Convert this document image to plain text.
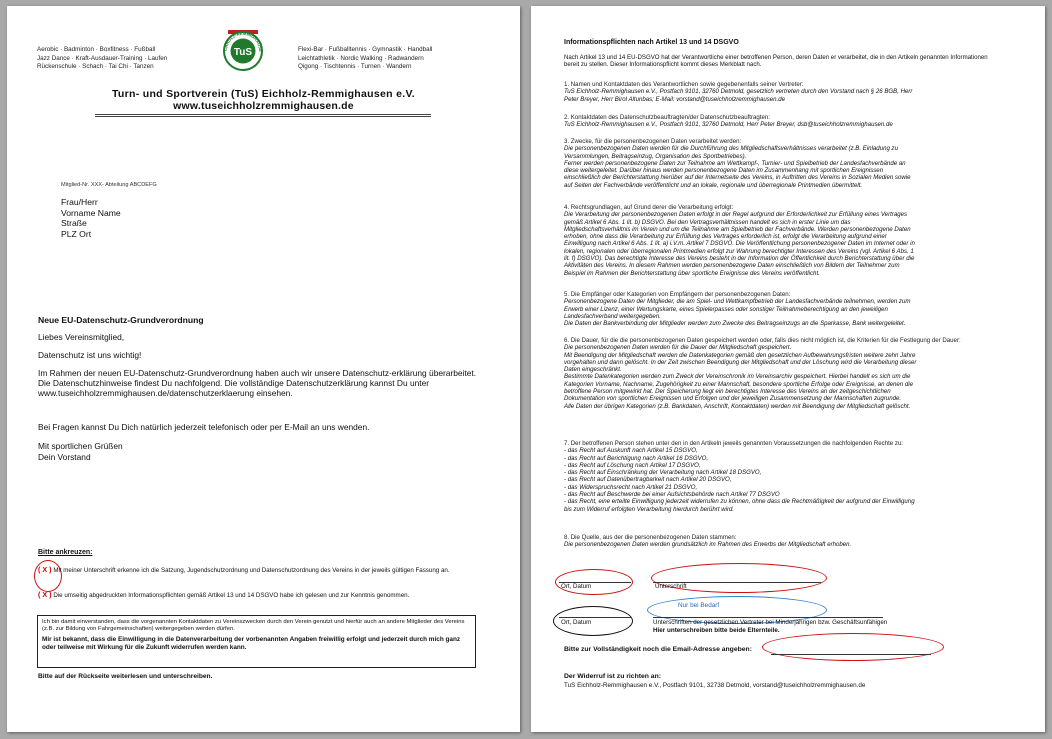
Aerobic · Badminton · Boxfitness · Fußball
Jazz Dance · Kraft-Ausdauer-Training · Laufen
Rückenschule · Schach · Tai Chi · Tanzen
TuS
CHHOLZ-REMMIGHAUSE	Flexi-Bar · Fußballtennis · Gymnastik · Handball
Leichtathletik · Nordic Walking · Radwandern
Qigong · Tischtennis · Turnen · Wandern
Turn- und Sportverein (TuS) Eichholz-Remmighausen e.V.
www.tuseichholzremmighausen.de
Mitglied-Nr. XXX- Abteilung ABCDEFG
Frau/Herr
Vorname Name
Straße
PLZ Ort
Neue EU-Datenschutz-Grundverordnung
Liebes Vereinsmitglied,
Datenschutz ist uns wichtig!
Im Rahmen der neuen EU-Datenschutz-Grundverordnung haben auch wir unsere Datenschutz-erklärung überarbeitet. Die Datenschutzhinweise findest Du nachfolgend. Die vollständige Datenschutzerklärung kannst Du unter www.tuseichholzremmighausen.de/datenschutzerklaerung einsehen.
Bei Fragen kannst Du Dich natürlich jederzeit telefonisch oder per E-Mail an uns wenden.
Mit sportlichen Grüßen
Dein Vorstand
Bitte ankreuzen:
( X ) Mit meiner Unterschrift erkenne ich die Satzung, Jugendschutzordnung und Datenschutzordnung des Vereins in der jeweils gültigen Fassung an.
( X ) Die umseitig abgedruckten Informationspflichten gemäß Artikel 13 und 14 DSGVO habe ich gelesen und zur Kenntnis genommen.

Ich bin damit einverstanden, dass die vorgenannten Kontaktdaten zu Vereinszwecken durch den Verein genutzt und hierfür auch an andere Mitglieder des Vereins (z.B. zur Bildung von Fahrgemeinschaften) weitergegeben werden dürfen.

Mir ist bekannt, dass die Einwilligung in die Datenverarbeitung der vorbenannten Angaben freiwillig erfolgt und jederzeit durch mich ganz oder teilweise mit Wirkung für die Zukunft widerrufen werden kann.

Bitte auf der Rückseite weiterlesen und unterschreiben.
Informationspflichten nach Artikel 13 und 14 DSGVO
Nach Artikel 13 und 14 EU-DSGVO hat der Verantwortliche einer betroffenen Person, deren Daten er verarbeitet, die in den Artikeln genannten Informationen bereit zu stellen. Dieser Informationspflicht kommt dieses Merkblatt nach.
1. Namen und Kontaktdaten des Verantwortlichen sowie gegebenenfalls seiner Vertreter:
TuS Eichholz-Remmighausen e.V., Postfach 9101, 32760 Detmold, gesetzlich vertreten durch den Vorstand nach § 26 BGB, Herr
Peter Breyer, Herr Birol Altunbas; E-Mail: vorstand@tuseichholzremmighausen.de
2. Kontaktdaten des Datenschutzbeauftragten/der Datenschutzbeauftragten:
TuS Eichholz-Remmighausen e.V., Postfach 9101, 32760 Detmold, Herr Peter Breyer, dsb@tuseichholzremmighausen.de
3. Zwecke, für die personenbezogenen Daten verarbeitet werden:
Die personenbezogenen Daten werden für die Durchführung des Mitgliedschaftsverhältnisses verarbeitet (z.B. Einladung zu
Versammlungen, Beitragseinzug, Organisation des Sportbetriebes).
Ferner werden personenbezogene Daten zur Teilnahme am Wettkampf-, Turnier- und Spielbetrieb der Landesfachverbände an
diese weitergeleitet. Darüber hinaus werden personenbezogene Daten im Zusammenhang mit sportlichen Ereignissen
einschließlich der Berichterstattung hierüber auf der Internetseite des Vereins, in Auftritten des Vereins in Sozialen Medien sowie
auf Seiten der Fachverbände veröffentlicht und an lokale, regionale und überregionale Printmedien übermittelt.
4. Rechtsgrundlagen, auf Grund derer die Verarbeitung erfolgt:
Die Verarbeitung der personenbezogenen Daten erfolgt in der Regel aufgrund der Erforderlichkeit zur Erfüllung eines Vertrages
gemäß Artikel 6 Abs. 1 lit. b) DSGVO. Bei den Vertragsverhältnissen handelt es sich in erster Linie um das
Mitgliedschaftsverhältnis im Verein und um die Teilnahme am Spielbetrieb der Fachverbände. Werden personenbezogene Daten
erhoben, ohne dass die Verarbeitung zur Erfüllung des Vertrages erforderlich ist, erfolgt die Verarbeitung aufgrund einer
Einwilligung nach Artikel 6 Abs. 1 lit. a) i.V.m. Artikel 7 DSGVO. Die Veröffentlichung personenbezogener Daten im Internet oder in
lokalen, regionalen oder überregionalen Printmedien erfolgt zur Wahrung berechtigter Interessen des Vereins (vgl. Artikel 6 Abs. 1
lit. f) DSGVO). Das berechtigte Interesse des Vereins besteht in der Information der Öffentlichkeit durch Berichterstattung über die
Aktivitäten des Vereins. In diesem Rahmen werden personenbezogene Daten einschließlich von Bildern der Teilnehmer zum
Beispiel im Rahmen der Berichterstattung über sportliche Ereignisse des Vereins veröffentlicht.
5. Die Empfänger oder Kategorien von Empfängern der personenbezogenen Daten:
Personenbezogene Daten der Mitglieder, die am Spiel- und Wettkampfbetrieb der Landesfachverbände teilnehmen, werden zum
Erwerb einer Lizenz, einer Wertungskarte, eines Spielerpasses oder sonstiger Teilnahmeberechtigung an den jeweiligen
Landesfachverband weitergegeben.
Die Daten der Bankverbindung der Mitglieder werden zum Zwecke des Beitragseinzugs an die Sparkasse, Bank weitergeleitet.
6. Die Dauer, für die die personenbezogenen Daten gespeichert werden oder, falls dies nicht möglich ist, die Kriterien für die Festlegung der Dauer:
Die personenbezogenen Daten werden für die Dauer der Mitgliedschaft gespeichert.
Mit Beendigung der Mitgliedschaft werden die Datenkategorien gemäß den gesetzlichen Aufbewahrungsfristen weitere zehn Jahre
vorgehalten und dann gelöscht. In der Zeit zwischen Beendigung der Mitgliedschaft und der Löschung wird die Verarbeitung dieser
Daten eingeschränkt.
Bestimmte Datenkategorien werden zum Zweck der Vereinschronik im Vereinsarchiv gespeichert. Hierbei handelt es sich um die
Kategorien Vorname, Nachname, Zugehörigkeit zu einer Mannschaft, besondere sportliche Erfolge oder Ereignisse, an denen die
betroffene Person mitgewirkt hat. Der Speicherung liegt ein berechtigtes Interesse des Vereins an der zeitgeschichtlichen
Dokumentation von sportlichen Ereignissen und Erfolgen und der jeweiligen Zusammensetzung der Mannschaften zugrunde.
Alle Daten der übrigen Kategorien (z.B. Bankdaten, Anschrift, Kontaktdaten) werden mit Beendigung der Mitgliedschaft gelöscht.
7. Der betroffenen Person stehen unter den in den Artikeln jeweils genannten Voraussetzungen die nachfolgenden Rechte zu:
- das Recht auf Auskunft nach Artikel 15 DSGVO,
- das Recht auf Berichtigung nach Artikel 16 DSGVO,
- das Recht auf Löschung nach Artikel 17 DSGVO,
- das Recht auf Einschränkung der Verarbeitung nach Artikel 18 DSGVO,
- das Recht auf Datenübertragbarkeit nach Artikel 20 DSGVO,
- das Widerspruchsrecht nach Artikel 21 DSGVO,
- das Recht auf Beschwerde bei einer Aufsichtsbehörde nach Artikel 77 DSGVO
- das Recht, eine erteilte Einwilligung jederzeit widerrufen zu können, ohne dass die Rechtmäßigkeit der aufgrund der Einwilligung
bis zum Widerruf erfolgten Verarbeitung hierdurch berührt wird.
8. Die Quelle, aus der die personenbezogenen Daten stammen:
Die personenbezogenen Daten werden grundsätzlich im Rahmen des Erwerbs der Mitgliedschaft erhoben.
Ort, Datum	Unterschrift
Nur bei Bedarf
Ort, Datum	Unterschriften der gesetzlichen Vertreter bei Minderjährigen bzw. Geschäftsunfähigen
Hier unterschreiben bitte beide Elternteile.
Bitte zur Vollständigkeit noch die Email-Adresse angeben:
Der Widerruf ist zu richten an:
TuS Eichholz-Remmighausen e.V., Postfach 9101, 32738 Detmold, vorstand@tuseichholzremmighausen.de
